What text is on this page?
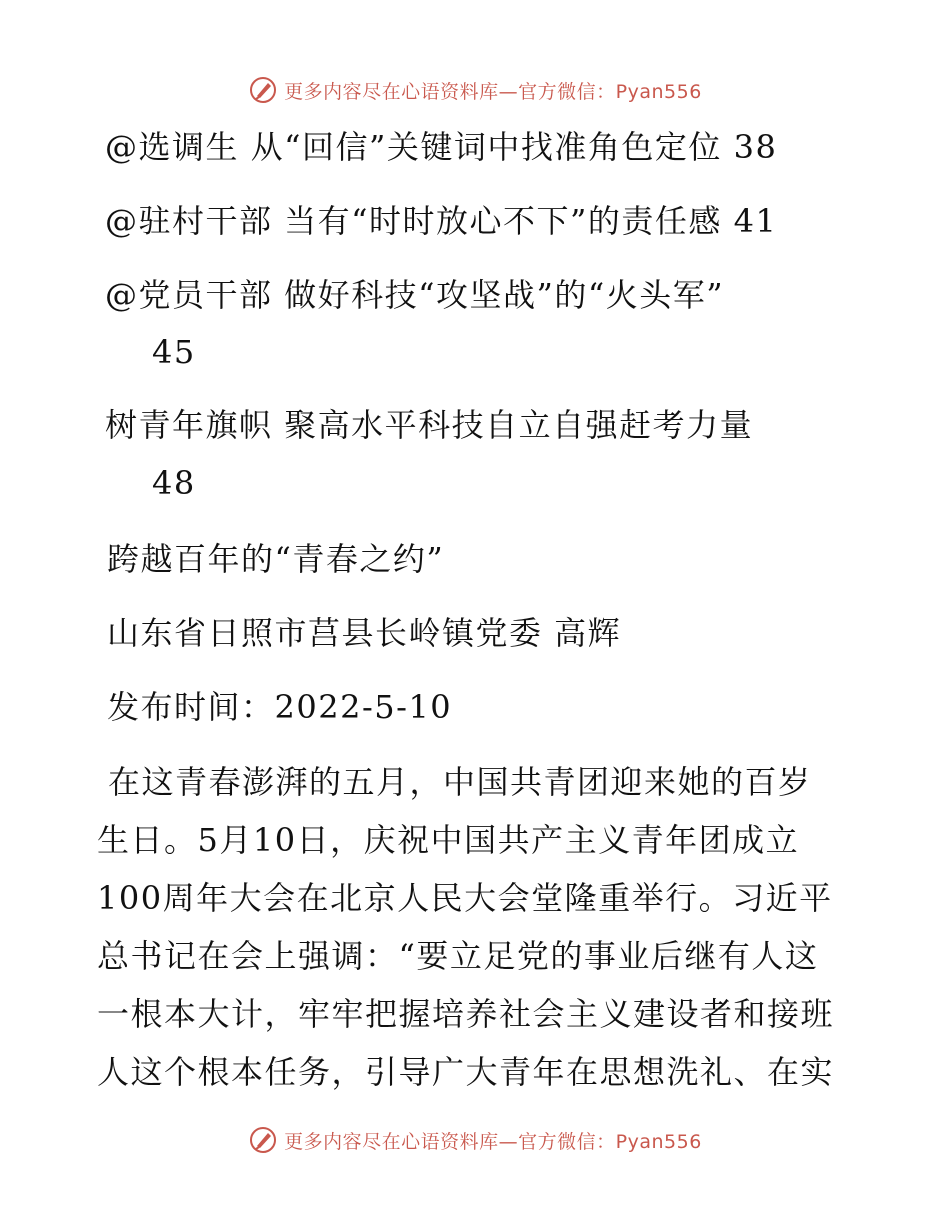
更多内容尽在心语资料库—官方微信：Pyan556
@选调生 从“回信”关键词中找准角色定位 38
@驻村干部 当有“时时放心不下”的责任感 41
@党员干部 做好科技“攻坚战”的“火头军”
45
树青年旗帜 聚高水平科技自立自强赶考力量
48
跨越百年的“青春之约”
山东省日照市莒县长岭镇党委 高辉
发布时间：2022-5-10
在这青春澎湃的五月，中国共青团迎来她的百岁
生日。5月10日，庆祝中国共产主义青年团成立
100周年大会在北京人民大会堂隆重举行。习近平
总书记在会上强调：“要立足党的事业后继有人这
一根本大计，牢牢把握培养社会主义建设者和接班
人这个根本任务，引导广大青年在思想洗礼、在实
更多内容尽在心语资料库—官方微信：Pyan556
